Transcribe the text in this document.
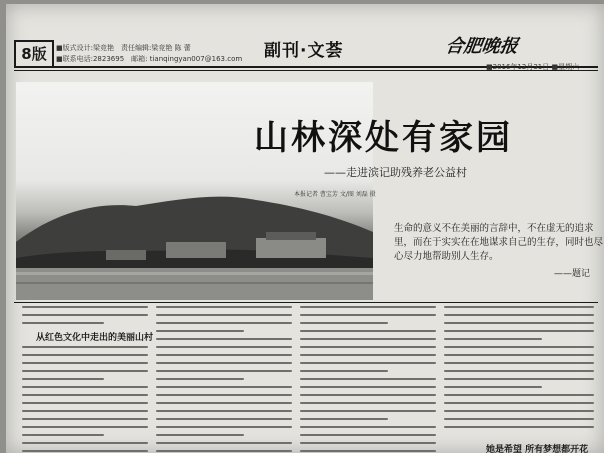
8版	■版式设计:梁竞艳　责任编辑:梁竞艳 陈 蕾
■联系电话:2823695　邮箱: tianqingyan007@163.com 副刊·文荟	合肥晚报
■2016年12月31日 ■星期六
山林深处有家园
——走进滨记助残养老公益村
本报记者 曹宝芳 文/图 刘磊 摄
生命的意义不在美丽的言辞中，不在虚无的追求里，而在于实实在在地谋求自己的生存，同时也尽心尽力地帮助别人生存。
——题记
从红色文化中走出的美丽山村
她是希望 所有梦想都开花
